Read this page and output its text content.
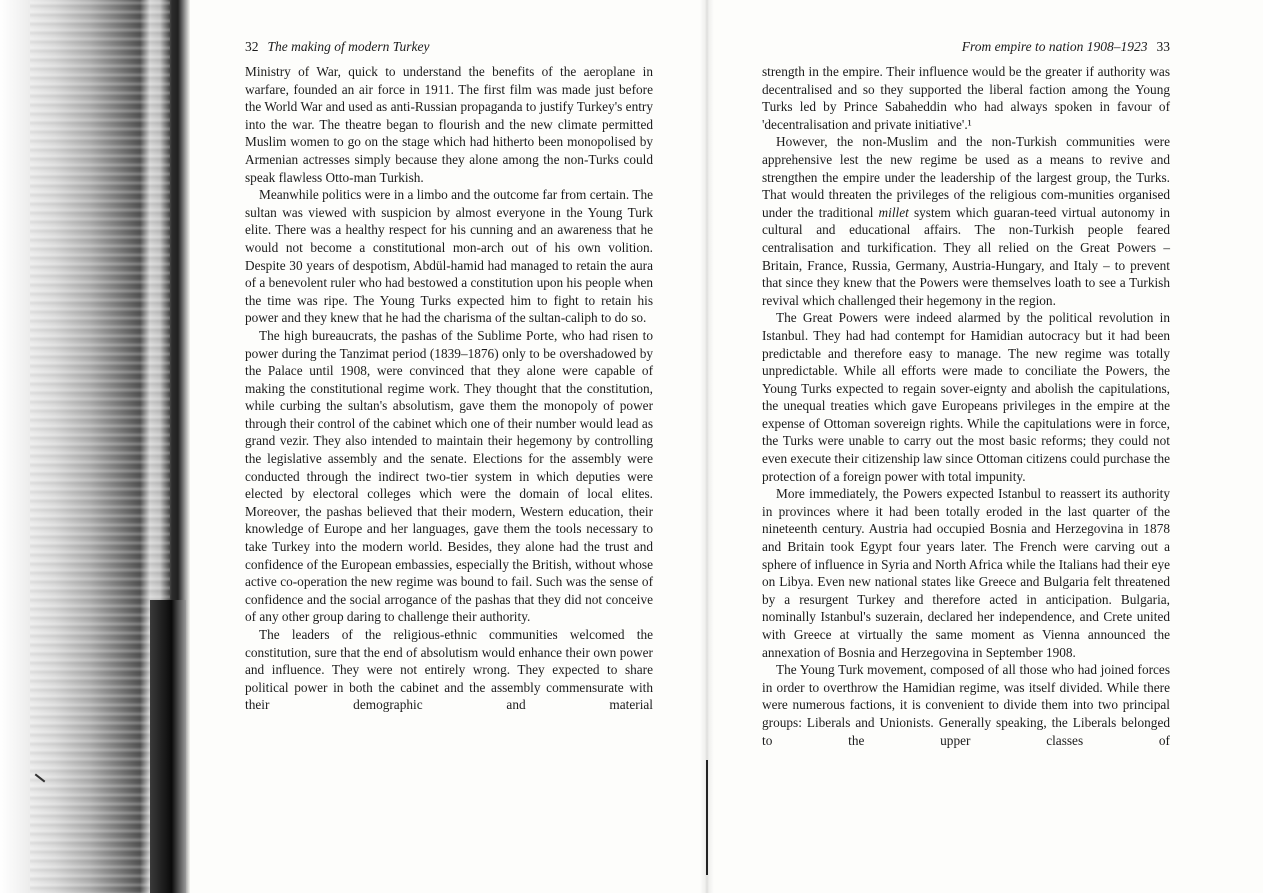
32 The making of modern Turkey

Ministry of War, quick to understand the benefits of the aeroplane in warfare, founded an air force in 1911. The first film was made just before the World War and used as anti-Russian propaganda to justify Turkey's entry into the war. The theatre began to flourish and the new climate permitted Muslim women to go on the stage which had hitherto been monopolised by Armenian actresses simply because they alone among the non-Turks could speak flawless Otto-man Turkish.

Meanwhile politics were in a limbo and the outcome far from certain. The sultan was viewed with suspicion by almost everyone in the Young Turk elite. There was a healthy respect for his cunning and an awareness that he would not become a constitutional mon-arch out of his own volition. Despite 30 years of despotism, Abdül-hamid had managed to retain the aura of a benevolent ruler who had bestowed a constitution upon his people when the time was ripe. The Young Turks expected him to fight to retain his power and they knew that he had the charisma of the sultan-caliph to do so.

The high bureaucrats, the pashas of the Sublime Porte, who had risen to power during the Tanzimat period (1839–1876) only to be overshadowed by the Palace until 1908, were convinced that they alone were capable of making the constitutional regime work. They thought that the constitution, while curbing the sultan's absolutism, gave them the monopoly of power through their control of the cabinet which one of their number would lead as grand vezir. They also intended to maintain their hegemony by controlling the legislative assembly and the senate. Elections for the assembly were conducted through the indirect two-tier system in which deputies were elected by electoral colleges which were the domain of local elites. Moreover, the pashas believed that their modern, Western education, their knowledge of Europe and her languages, gave them the tools necessary to take Turkey into the modern world. Besides, they alone had the trust and confidence of the European embassies, especially the British, without whose active co-operation the new regime was bound to fail. Such was the sense of confidence and the social arrogance of the pashas that they did not conceive of any other group daring to challenge their authority.

The leaders of the religious-ethnic communities welcomed the constitution, sure that the end of absolutism would enhance their own power and influence. They were not entirely wrong. They expected to share political power in both the cabinet and the assembly commensurate with their demographic and material

From empire to nation 1908–1923 33

strength in the empire. Their influence would be the greater if authority was decentralised and so they supported the liberal faction among the Young Turks led by Prince Sabaheddin who had always spoken in favour of 'decentralisation and private initiative'.¹

However, the non-Muslim and the non-Turkish communities were apprehensive lest the new regime be used as a means to revive and strengthen the empire under the leadership of the largest group, the Turks. That would threaten the privileges of the religious com-munities organised under the traditional millet system which guaran-teed virtual autonomy in cultural and educational affairs. The non-Turkish people feared centralisation and turkification. They all relied on the Great Powers – Britain, France, Russia, Germany, Austria-Hungary, and Italy – to prevent that since they knew that the Powers were themselves loath to see a Turkish revival which challenged their hegemony in the region.

The Great Powers were indeed alarmed by the political revolution in Istanbul. They had had contempt for Hamidian autocracy but it had been predictable and therefore easy to manage. The new regime was totally unpredictable. While all efforts were made to conciliate the Powers, the Young Turks expected to regain sover-eignty and abolish the capitulations, the unequal treaties which gave Europeans privileges in the empire at the expense of Ottoman sovereign rights. While the capitulations were in force, the Turks were unable to carry out the most basic reforms; they could not even execute their citizenship law since Ottoman citizens could purchase the protection of a foreign power with total impunity.

More immediately, the Powers expected Istanbul to reassert its authority in provinces where it had been totally eroded in the last quarter of the nineteenth century. Austria had occupied Bosnia and Herzegovina in 1878 and Britain took Egypt four years later. The French were carving out a sphere of influence in Syria and North Africa while the Italians had their eye on Libya. Even new national states like Greece and Bulgaria felt threatened by a resurgent Turkey and therefore acted in anticipation. Bulgaria, nominally Istanbul's suzerain, declared her independence, and Crete united with Greece at virtually the same moment as Vienna announced the annexation of Bosnia and Herzegovina in September 1908.

The Young Turk movement, composed of all those who had joined forces in order to overthrow the Hamidian regime, was itself divided. While there were numerous factions, it is convenient to divide them into two principal groups: Liberals and Unionists. Generally speaking, the Liberals belonged to the upper classes of
